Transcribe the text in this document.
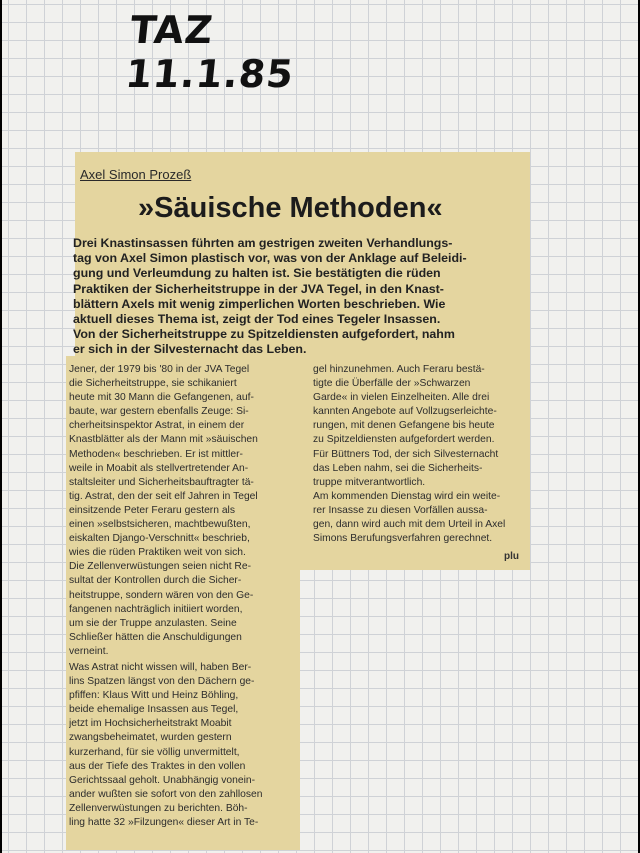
TAZ 11.1.85
Axel Simon Prozeß
»Säuische Methoden«
Drei Knastinsassen führten am gestrigen zweiten Verhandlungs-
tag von Axel Simon plastisch vor, was von der Anklage auf Beleidi-
gung und Verleumdung zu halten ist. Sie bestätigten die rüden
Praktiken der Sicherheitstruppe in der JVA Tegel, in den Knast-
blättern Axels mit wenig zimperlichen Worten beschrieben. Wie
aktuell dieses Thema ist, zeigt der Tod eines Tegeler Insassen.
Von der Sicherheitstruppe zu Spitzeldiensten aufgefordert, nahm
er sich in der Silvesternacht das Leben.
Jener, der 1979 bis '80 in der JVA Tegel
die Sicherheitstruppe, sie schikaniert
heute mit 30 Mann die Gefangenen, auf-
baute, war gestern ebenfalls Zeuge: Si-
cherheitsinspektor Astrat, in einem der
Knastblätter als der Mann mit »säuischen
Methoden« beschrieben. Er ist mittler-
weile in Moabit als stellvertretender An-
staltsleiter und Sicherheitsbauftragter tä-
tig. Astrat, den der seit elf Jahren in Tegel
einsitzende Peter Feraru gestern als
einen »selbstsicheren, machtbewußten,
eiskalten Django-Verschnitt« beschrieb,
wies die rüden Praktiken weit von sich.
Die Zellenverwüstungen seien nicht Re-
sultat der Kontrollen durch die Sicher-
heitstruppe, sondern wären von den Ge-
fangenen nachträglich initiiert worden,
um sie der Truppe anzulasten. Seine
Schließer hätten die Anschuldigungen
verneint.
Was Astrat nicht wissen will, haben Ber-
lins Spatzen längst von den Dächern ge-
pfiffen: Klaus Witt und Heinz Böhling,
beide ehemalige Insassen aus Tegel,
jetzt im Hochsicherheitstrakt Moabit
zwangsbeheimatet, wurden gestern
kurzerhand, für sie völlig unvermittelt,
aus der Tiefe des Traktes in den vollen
Gerichtssaal geholt. Unabhängig vonein-
ander wußten sie sofort von den zahllosen
Zellenverwüstungen zu berichten. Böh-
ling hatte 32 »Filzungen« dieser Art in Te-
gel hinzunehmen. Auch Feraru bestä-
tigte die Überfälle der »Schwarzen
Garde« in vielen Einzelheiten. Alle drei
kannten Angebote auf Vollzugserleichte-
rungen, mit denen Gefangene bis heute
zu Spitzeldiensten aufgefordert werden.
Für Büttners Tod, der sich Silvesternacht
das Leben nahm, sei die Sicherheits-
truppe mitverantwortlich.
Am kommenden Dienstag wird ein weite-
rer Insasse zu diesen Vorfällen aussa-
gen, dann wird auch mit dem Urteil in Axel
Simons Berufungsverfahren gerechnet.
plu
